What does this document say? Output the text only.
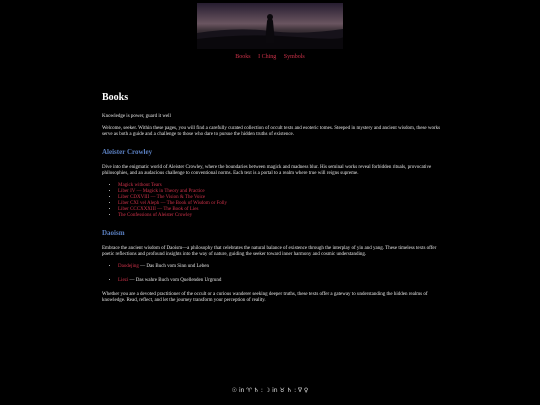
Books I Ching Symbols
Books

Knowledge is power, guard it well

Welcome, seeker. Within these pages, you will find a carefully curated collection of occult texts and esoteric tomes. Steeped in mystery and ancient wisdom, these works serve as both a guide and a challenge to those who dare to pursue the hidden truths of existence.

Aleister Crowley

Dive into the enigmatic world of Aleister Crowley, where the boundaries between magick and madness blur. His seminal works reveal forbidden rituals, provocative philosophies, and an audacious challenge to conventional norms. Each text is a portal to a realm where true will reigns supreme.

• Magick without Tears
• Liber IV — Magick in Theory and Practice
• Liber CDXVIII — The Vision & The Voice
• Liber CXI vel Aleph — The Book of Wisdom or Folly
• Liber CCCXXXIII — The Book of Lies
• The Confessions of Aleister Crowley
Daoism

Embrace the ancient wisdom of Daoism—a philosophy that celebrates the natural balance of existence through the interplay of yin and yang. These timeless texts offer poetic reflections and profound insights into the way of nature, guiding the seeker toward inner harmony and cosmic understanding.

• Daodejing — Das Buch vom Sinn und Leben
• Liezi — Das wahre Buch vom Quellenden Urgrund

Whether you are a devoted practitioner of the occult or a curious wanderer seeking deeper truths, these texts offer a gateway to understanding the hidden realms of knowledge. Read, reflect, and let the journey transform your perception of reality.

☉ in ♈︎ ♄ : ☽ in ♉︎ ♄ : ∇ ♀
